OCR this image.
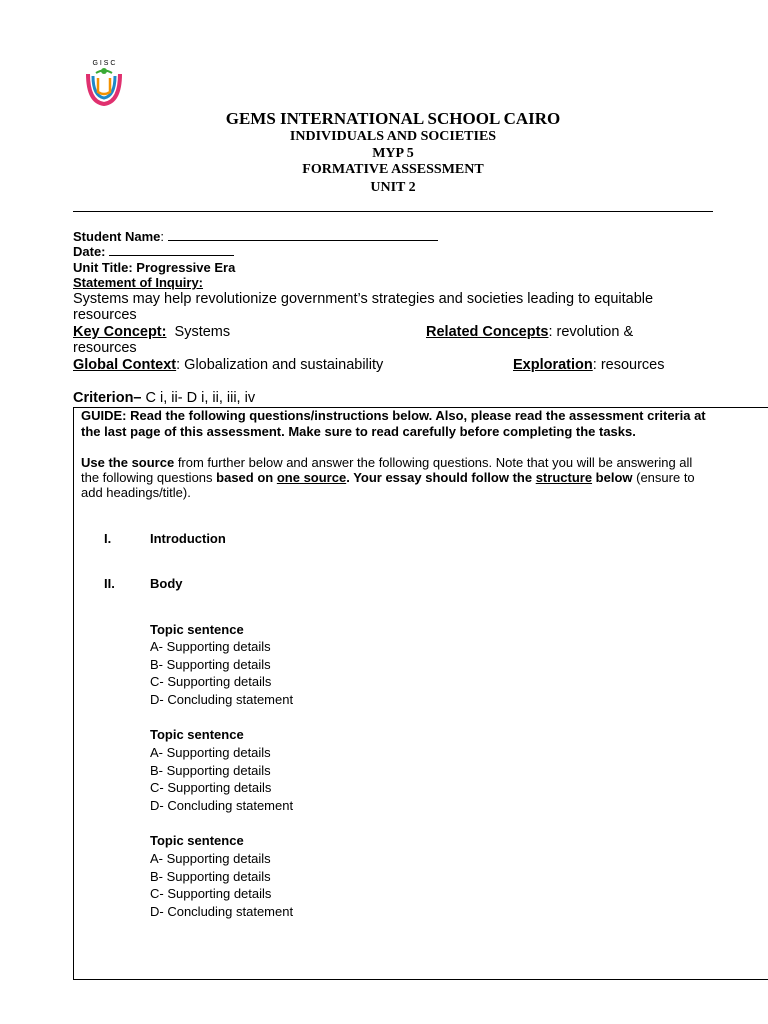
G I S C
GEMS INTERNATIONAL SCHOOL CAIRO
INDIVIDUALS AND SOCIETIES
MYP 5
FORMATIVE ASSESSMENT
UNIT 2
Student Name:
Date:
Unit Title: Progressive Era
Statement of Inquiry:
Systems may help revolutionize government’s strategies and societies leading to equitable
resources
Key Concept:  Systems	Related Concepts: revolution &
resources
Global Context: Globalization and sustainability	Exploration: resources
Criterion– C i, ii- D i, ii, iii, iv
GUIDE: Read the following questions/instructions below. Also, please read the assessment criteria at
the last page of this assessment. Make sure to read carefully before completing the tasks.
Use the source from further below and answer the following questions. Note that you will be answering all
the following questions based on one source. Your essay should follow the structure below (ensure to
add headings/title).
I.	Introduction
II.	Body
Topic sentence
A- Supporting details
B- Supporting details
C- Supporting details
D- Concluding statement
Topic sentence
A- Supporting details
B- Supporting details
C- Supporting details
D- Concluding statement
Topic sentence
A- Supporting details
B- Supporting details
C- Supporting details
D- Concluding statement
